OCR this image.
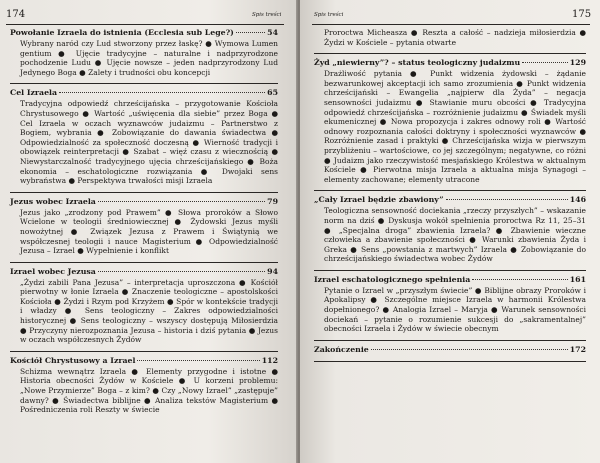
174	Spis treści
Powołanie Izraela do istnienia (Ecclesia sub Lege?)	54
Wybrany naród czy Lud stworzony przez łaskę? ● Wymowa Lumen gentium ● Ujęcie tradycyjne – naturalne i nadprzyrodzone pochodzenie Ludu ● Ujęcie nowsze – jeden nadprzyrodzony Lud Jedynego Boga ● Zalety i trudności obu koncepcji
Cel Izraela	65
Tradycyjna odpowiedź chrześcijańska – przygotowanie Kościoła Chrystusowego ● Wartość „uświęcenia dla siebie” przez Boga ● Cel Izraela w oczach wyznawców judaizmu – Partnerstwo z Bogiem, wybrania ● Zobowiązanie do dawania świadectwa ● Odpowiedzialność za społeczność doczesną ● Wierność tradycji i obowiązek reinterpretacji ● Szabat – więź czasu z wiecznością ● Niewystarczalność tradycyjnego ujęcia chrześcijańskiego ● Boża ekonomia – eschatologiczne rozwiązania ● Dwojaki sens wybraństwa ● Perspektywa trwałości misji Izraela
Jezus wobec Izraela	79
Jezus jako „zrodzony pod Prawem” ● Słowa proroków a Słowo Wcielone w teologii średniowiecznej ● Żydowski Jezus myśli nowożytnej ● Związek Jezusa z Prawem i Świątynią we współczesnej teologii i nauce Magisterium ● Odpowiedzialność Jezusa – Izrael ● Wypełnienie i konflikt
Izrael wobec Jezusa	94
„Żydzi zabili Pana Jezusa” – interpretacja uproszczona ● Kościół pierwotny w łonie Izraela ● Znaczenie teologiczne – apostolskości Kościoła ● Żydzi i Rzym pod Krzyżem ● Spór w kontekście tradycji i władzy ● Sens teologiczny – Zakres odpowiedzialności historycznej ● Sens teologiczny – wszyscy dostępują Miłosierdzia ● Przyczyny nierozpoznania Jezusa – historia i dziś pytania ● Jezus w oczach współczesnych Żydów
Kościół Chrystusowy a Izrael	112
Schizma wewnątrz Izraela ● Elementy przygodne i istotne ● Historia obecności Żydów w Kościele ● U korzeni problemu: „Nowe Przymierze” Boga – z kim? ● Czy „Nowy Izrael” „zastępuje” dawny? ● Świadectwa biblijne ● Analiza tekstów Magisterium ● Pośredniczenia roli Reszty w świecie
Spis treści	175
Proroctwa Micheasza ● Reszta a całość – nadzieja miłosierdzia ● Żydzi w Kościele – pytania otwarte
Żyd „niewierny”? – status teologiczny judaizmu	129
Drażliwość pytania ● Punkt widzenia żydowski – żądanie bezwarunkowej akceptacji ich samo zrozumienia ● Punkt widzenia chrześcijański – Ewangelia „najpierw dla Żyda” – negacja sensowności judaizmu ● Stawianie muru obcości ● Tradycyjna odpowiedź chrześcijańska – rozróżnienie judaizmu ● Świadek myśli ekumenicznej ● Nowa propozycja i zakres odnowy roli ● Wartość odnowy rozpoznania całości doktryny i społeczności wyznawców ● Rozróżnienie zasad i praktyki ● Chrześcijańska wizja w pierwszym przybliżeniu – wartościowe, co jej szczególnym; negatywne, co różni ● Judaizm jako rzeczywistość mesjańskiego Królestwa w aktualnym Kościele ● Pierwotna misja Izraela a aktualna misja Synagogi – elementy zachowane; elementy utracone
„Cały Izrael będzie zbawiony”	146
Teologiczna sensowność dociekania „rzeczy przyszłych” – wskazanie norm na dziś ● Dyskusja wokół spełnienia proroctwa Rz 11, 25–31 ● „Specjalna droga” zbawienia Izraela? ● Zbawienie wieczne człowieka a zbawienie społeczności ● Warunki zbawienia Żyda i Greka ● Sens „powstania z martwych” Izraela ● Zobowiązanie do chrześcijańskiego świadectwa wobec Żydów
Izrael eschatologicznego spełnienia	161
Pytanie o Izrael w „przyszłym świecie” ● Biblijne obrazy Proroków i Apokalipsy ● Szczególne miejsce Izraela w harmonii Królestwa dopełnionego? ● Analogia Izrael – Maryja ● Warunek sensowności dociekań – pytanie o rozumienie sukcesji do „sakramentalnej” obecności Izraela i Żydów w świecie obecnym
Zakończenie	172
